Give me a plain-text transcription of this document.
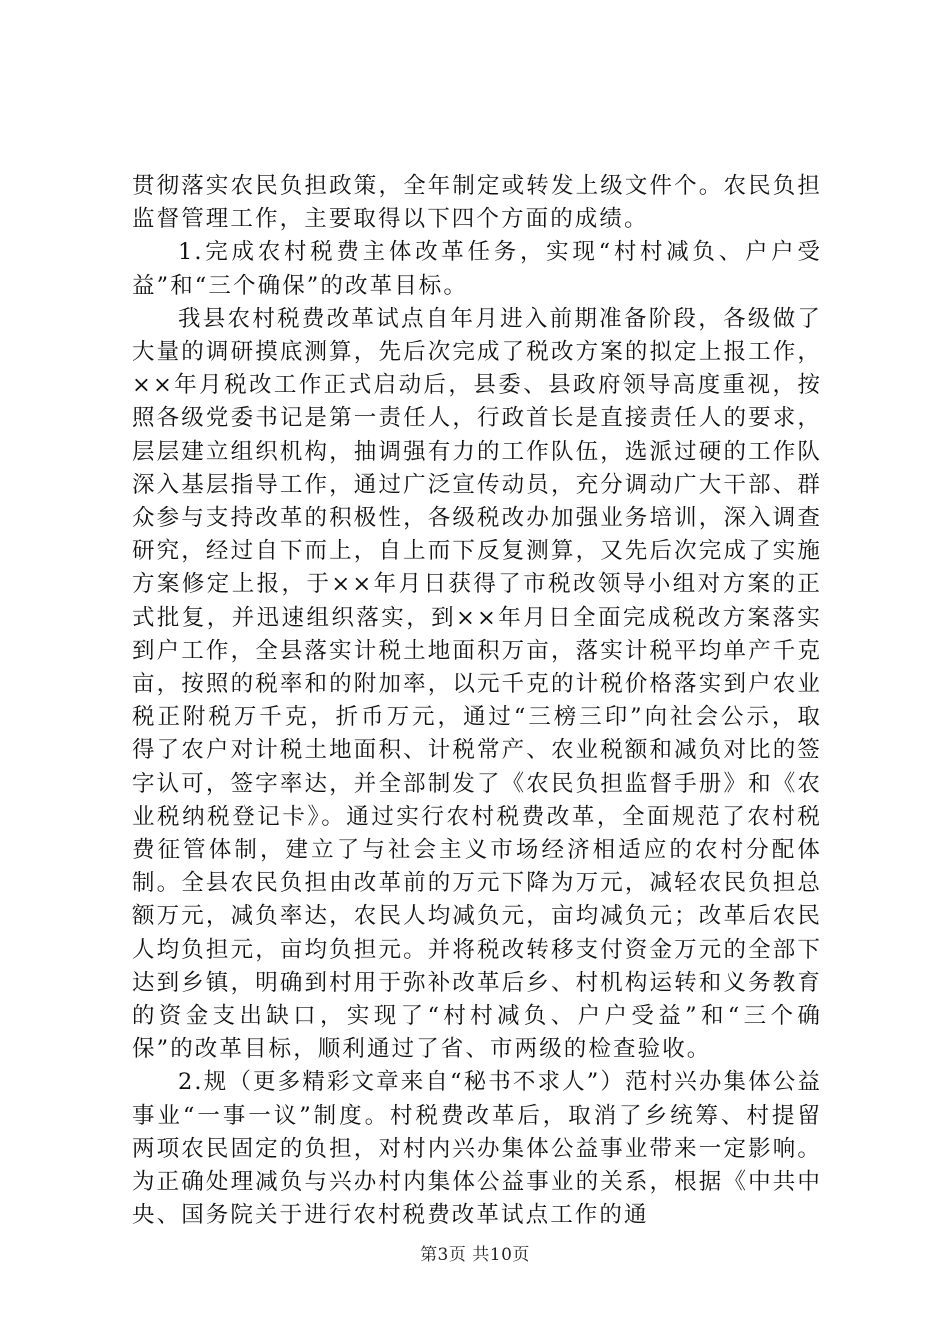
贯彻落实农民负担政策，全年制定或转发上级文件个。农民负担监督管理工作，主要取得以下四个方面的成绩。

1.完成农村税费主体改革任务，实现“村村减负、户户受益”和“三个确保”的改革目标。

我县农村税费改革试点自年月进入前期准备阶段，各级做了大量的调研摸底测算，先后次完成了税改方案的拟定上报工作，××年月税改工作正式启动后，县委、县政府领导高度重视，按照各级党委书记是第一责任人，行政首长是直接责任人的要求，层层建立组织机构，抽调强有力的工作队伍，选派过硬的工作队深入基层指导工作，通过广泛宣传动员，充分调动广大干部、群众参与支持改革的积极性，各级税改办加强业务培训，深入调查研究，经过自下而上，自上而下反复测算，又先后次完成了实施方案修定上报，于××年月日获得了市税改领导小组对方案的正式批复，并迅速组织落实，到××年月日全面完成税改方案落实到户工作，全县落实计税土地面积万亩，落实计税平均单产千克亩，按照的税率和的附加率，以元千克的计税价格落实到户农业税正附税万千克，折币万元，通过“三榜三印”向社会公示，取得了农户对计税土地面积、计税常产、农业税额和减负对比的签字认可，签字率达，并全部制发了《农民负担监督手册》和《农业税纳税登记卡》。通过实行农村税费改革，全面规范了农村税费征管体制，建立了与社会主义市场经济相适应的农村分配体制。全县农民负担由改革前的万元下降为万元，减轻农民负担总额万元，减负率达，农民人均减负元，亩均减负元；改革后农民人均负担元，亩均负担元。并将税改转移支付资金万元的全部下达到乡镇，明确到村用于弥补改革后乡、村机构运转和义务教育的资金支出缺口，实现了“村村减负、户户受益”和“三个确保”的改革目标，顺利通过了省、市两级的检查验收。

2.规（更多精彩文章来自“秘书不求人”）范村兴办集体公益事业“一事一议”制度。村税费改革后，取消了乡统筹、村提留两项农民固定的负担，对村内兴办集体公益事业带来一定影响。为正确处理减负与兴办村内集体公益事业的关系，根据《中共中央、国务院关于进行农村税费改革试点工作的通

第3页 共10页
